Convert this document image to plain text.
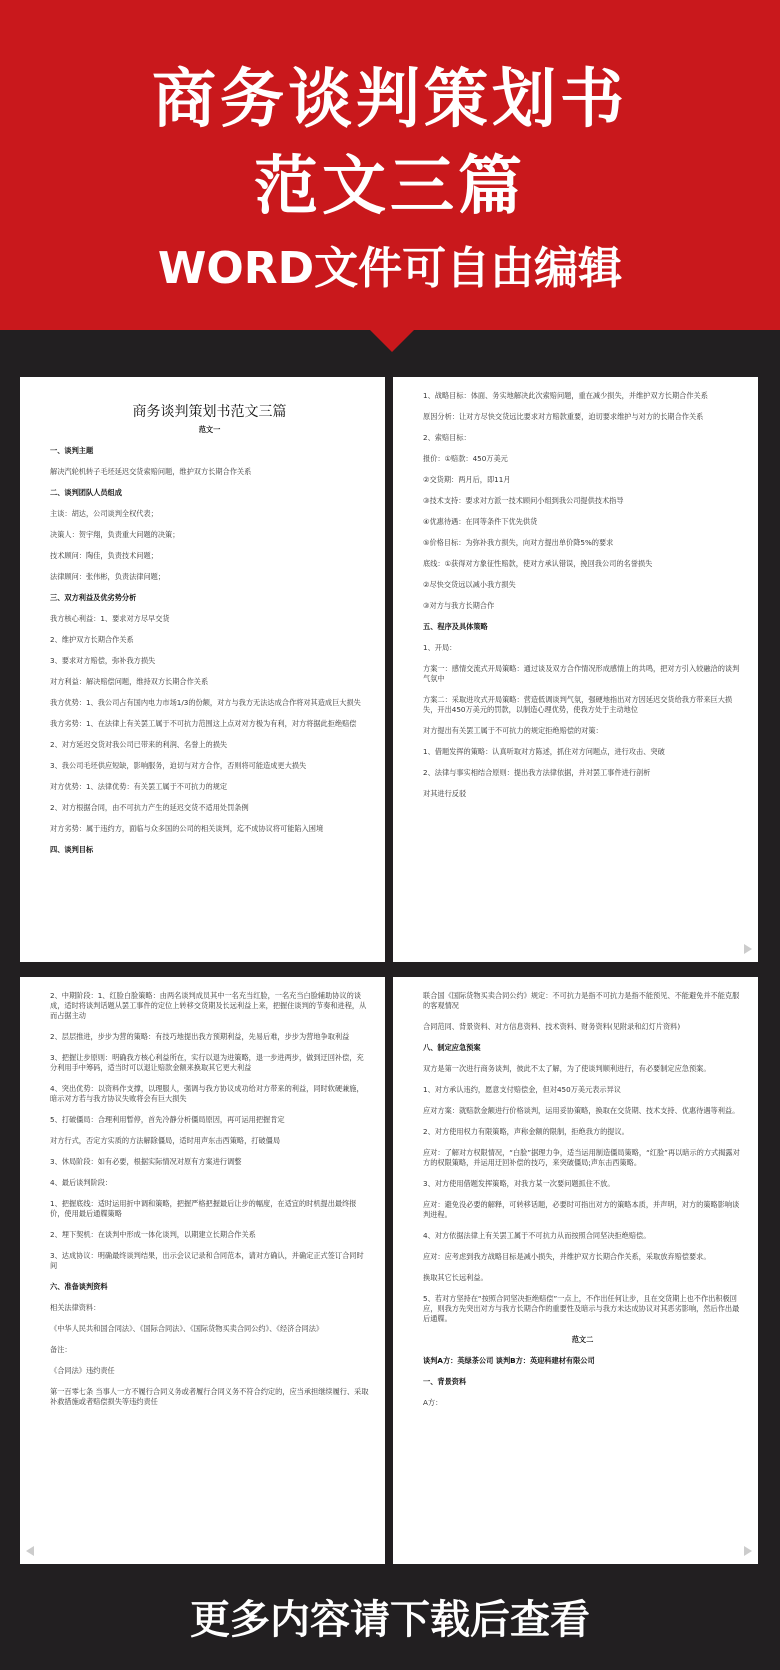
商务谈判策划书
范文三篇
WORD文件可自由编辑
商务谈判策划书范文三篇
范文一
一、谈判主题
解决汽轮机转子毛坯延迟交货索赔问题，维护双方长期合作关系
二、谈判团队人员组成
主谈：胡达，公司谈判全权代表；
决策人：贺宇翔，负责重大问题的决策；
技术顾问：陶佳，负责技术问题；
法律顾问：张伟彬，负责法律问题；
三、双方利益及优劣势分析
我方核心利益：1、要求对方尽早交货
2、维护双方长期合作关系
3、要求对方赔偿，弥补我方损失
对方利益：解决赔偿问题，维持双方长期合作关系
我方优势：1、我公司占有国内电力市场1/3的份额，对方与我方无法达成合作将对其造成巨大损失
我方劣势：1、在法律上有关罢工属于不可抗力范围这上点对对方极为有利，对方将据此拒绝赔偿
2、对方延迟交货对我公司已带来的利润、名誉上的损失
3、我公司毛坯供应短缺，影响服务，迫切与对方合作，否则将可能造成更大损失
对方优势：1、法律优势：有关罢工属于不可抗力的规定
2、对方根据合同，由不可抗力产生的延迟交货不适用处罚条例
对方劣势：属于违约方，面临与众多国的公司的相关谈判，迄不成协议将可能陷入困境
四、谈判目标
1、战略目标：体面、务实地解决此次索赔问题，重在减少损失，并维护双方长期合作关系
原因分析：让对方尽快交货远比要求对方赔款重要，迫切要求维护与对方的长期合作关系
2、索赔目标：
报价：①赔款：450万美元
②交货期：两月后，即11月
③技术支持：要求对方派一技术顾问小组到我公司提供技术指导
④优惠待遇：在同等条件下优先供货
⑤价格目标：为弥补我方损失，向对方提出单价降5%的要求
底线：①获得对方象征性赔款，使对方承认错误，挽回我公司的名誉损失
②尽快交货远以减小我方损失
③对方与我方长期合作
五、程序及具体策略
1、开局：
方案一：感情交流式开局策略：通过谈及双方合作情况形成感情上的共鸣，把对方引入较融洽的谈判气氛中
方案二：采取进攻式开局策略：营造低调谈判气氛，强硬地指出对方因延迟交货给我方带来巨大损失，开出450万美元的罚款，以制造心理优势，使我方处于主动地位
对方提出有关罢工属于不可抗力的规定拒绝赔偿的对策：
1、借题发挥的策略：认真听取对方陈述，抓住对方问题点，进行攻击、突破
2、法律与事实相结合原则：提出我方法律依据，并对罢工事件进行剖析
对其进行反驳
2、中期阶段：1、红脸白脸策略：由两名谈判成员其中一名充当红脸，一名充当白脸辅助协议的谈成，适时将谈判话题从罢工事件的定位上转移交货期及长远利益上来，把握住谈判的节奏和进程，从而占据主动
2、层层推进，步步为营的策略：有技巧地提出我方预期利益，先易后难，步步为营地争取利益
3、把握让步原则：明确我方核心利益所在，实行以退为进策略，退一步进两步，做到迂回补偿，充分利用手中筹码，适当时可以退让赔款金额来换取其它更大利益
4、突出优势：以资料作支撑，以理服人，强调与我方协议成功给对方带来的利益，同时软硬兼施，暗示对方若与我方协议失败将会有巨大损失
5、打破僵局：合理利用暂停，首先冷静分析僵局原因，再可运用把握肯定
对方行式，否定方实质的方法解除僵局，适时用声东击西策略，打破僵局
3、休局阶段：如有必要，根据实际情况对原有方案进行调整
4、最后谈判阶段：
1、把握底线：适时运用折中调和策略，把握严格把握最后让步的幅度，在适宜的时机提出最终报价，使用最后通牒策略
2、埋下契机：在谈判中形成一体化谈判，以期建立长期合作关系
3、达成协议：明确最终谈判结果，出示会议记录和合同范本，请对方确认，并确定正式签订合同时间
六、准备谈判资料
相关法律资料：
《中华人民共和国合同法》、《国际合同法》、《国际货物买卖合同公约》、《经济合同法》
备注：
《合同法》违约责任
第一百零七条 当事人一方不履行合同义务或者履行合同义务不符合约定的，应当承担继续履行、采取补救措施或者赔偿损失等违约责任
联合国《国际货物买卖合同公约》规定：不可抗力是指不可抗力是指不能预见、不能避免并不能克服的客观情况
合同范同、背景资料、对方信息资料、技术资料、财务资料(见附录和幻灯片资料)
八、制定应急预案
双方是第一次进行商务谈判，彼此不太了解，为了使谈判顺利进行，有必要制定应急预案。
1、对方承认违约，愿意支付赔偿金，但对450万美元表示异议
应对方案：就赔款金额进行价格谈判，运用妥协策略，换取在交货期、技术支持、优惠待遇等利益。
2、对方使用权力有限策略，声称金额的限制，拒绝我方的提议。
应对：了解对方权限情况，“白脸”据理力争，适当运用制造僵局策略，“红脸”再以暗示的方式揭露对方的权限策略，并运用迂回补偿的技巧，来突破僵局;声东击西策略。
3、对方使用借题发挥策略，对我方某一次要问题抓住不放。
应对：避免没必要的解释，可转移话题，必要时可指出对方的策略本质，并声明，对方的策略影响谈判进程。
4、对方依据法律上有关罢工属于不可抗力从而按照合同坚决拒绝赔偿。
应对：应考虑到我方战略目标是减小损失，并维护双方长期合作关系，采取放弃赔偿要求。
换取其它长远利益。
5、若对方坚持在“按照合同坚决拒绝赔偿”一点上，不作出任何让步，且在交货期上也不作出积极回应，则我方先突出对方与我方长期合作的重要性及暗示与我方未达成协议对其恶劣影响，然后作出最后通牒。
范文二
谈判A方：英绿茶公司 谈判B方：英迎科建材有限公司
一、背景资料
A方：
更多内容请下载后查看
